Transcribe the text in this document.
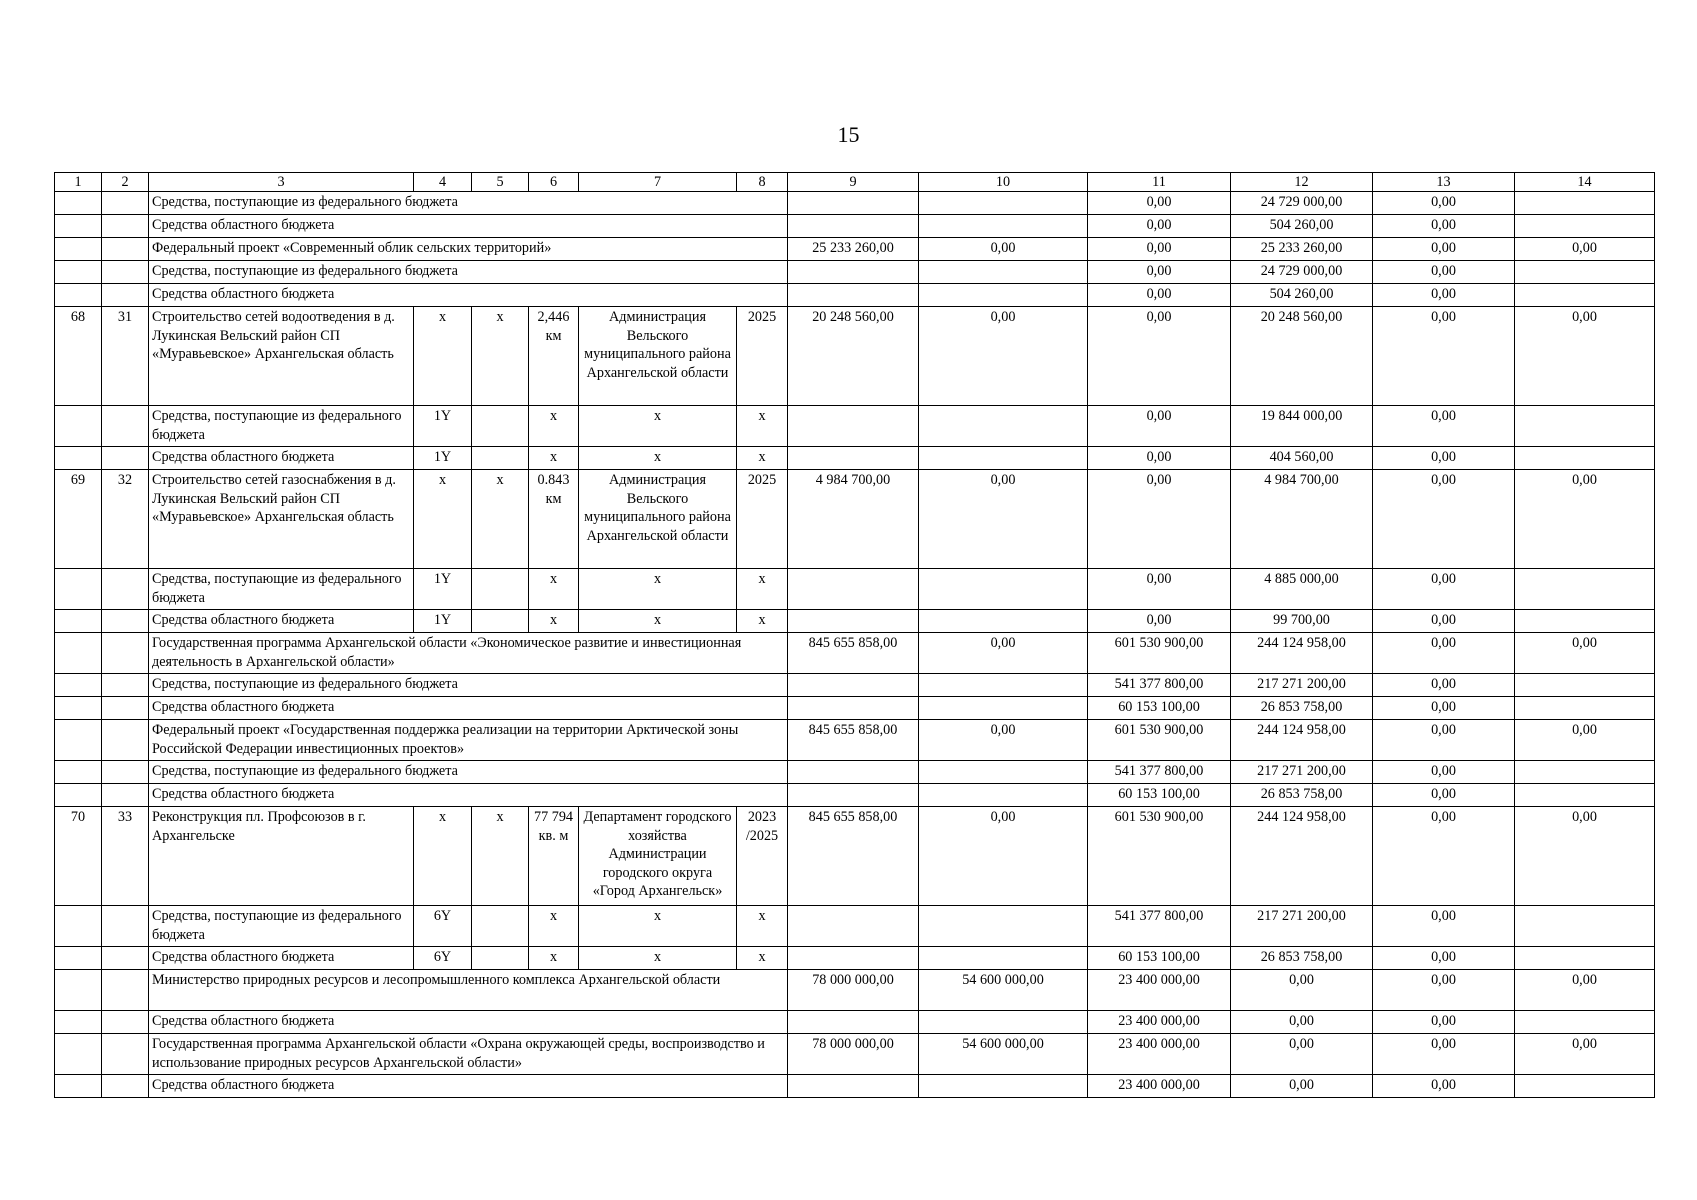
15
1	2	3	4	5	6	7	8	9	10	11	12	13	14
		Средства, поступающие из федерального бюджета								0,00	24 729 000,00	0,00	
		Средства областного бюджета								0,00	504 260,00	0,00	
		Федеральный проект «Современный облик сельских территорий»						25 233 260,00	0,00	0,00	25 233 260,00	0,00	0,00
		Средства, поступающие из федерального бюджета								0,00	24 729 000,00	0,00	
		Средства областного бюджета								0,00	504 260,00	0,00	
68	31	Строительство сетей водоотведения в д. Лукинская Вельский район СП «Муравьевское» Архангельская область	х	х	2,446 км	Администрация Вельского муниципального района Архангельской области	2025	20 248 560,00	0,00	0,00	20 248 560,00	0,00	0,00
		Средства, поступающие из федерального бюджета	1Y		х	х	х			0,00	19 844 000,00	0,00	
		Средства областного бюджета	1Y		х	х	х			0,00	404 560,00	0,00	
69	32	Строительство сетей газоснабжения в д. Лукинская Вельский район СП «Муравьевское» Архангельская область	х	х	0.843 км	Администрация Вельского муниципального района Архангельской области	2025	4 984 700,00	0,00	0,00	4 984 700,00	0,00	0,00
		Средства, поступающие из федерального бюджета	1Y		х	х	х			0,00	4 885 000,00	0,00	
		Средства областного бюджета	1Y		х	х	х			0,00	99 700,00	0,00	
		Государственная программа Архангельской области «Экономическое развитие и инвестиционная деятельность в Архангельской области»						845 655 858,00	0,00	601 530 900,00	244 124 958,00	0,00	0,00
		Средства, поступающие из федерального бюджета								541 377 800,00	217 271 200,00	0,00	
		Средства областного бюджета								60 153 100,00	26 853 758,00	0,00	
		Федеральный проект «Государственная поддержка реализации на территории Арктической зоны Российской Федерации инвестиционных проектов»						845 655 858,00	0,00	601 530 900,00	244 124 958,00	0,00	0,00
		Средства, поступающие из федерального бюджета								541 377 800,00	217 271 200,00	0,00	
		Средства областного бюджета								60 153 100,00	26 853 758,00	0,00	
70	33	Реконструкция пл. Профсоюзов в г. Архангельске	х	х	77 794 кв. м	Департамент городского хозяйства Администрации городского округа «Город Архангельск»	2023 /2025	845 655 858,00	0,00	601 530 900,00	244 124 958,00	0,00	0,00
		Средства, поступающие из федерального бюджета	6Y		х	х	х			541 377 800,00	217 271 200,00	0,00	
		Средства областного бюджета	6Y		х	х	х			60 153 100,00	26 853 758,00	0,00	
		Министерство природных ресурсов и лесопромышленного комплекса Архангельской области						78 000 000,00	54 600 000,00	23 400 000,00	0,00	0,00	0,00
		Средства областного бюджета								23 400 000,00	0,00	0,00	
		Государственная программа Архангельской области «Охрана окружающей среды, воспроизводство и использование природных ресурсов Архангельской области»						78 000 000,00	54 600 000,00	23 400 000,00	0,00	0,00	0,00
		Средства областного бюджета								23 400 000,00	0,00	0,00	
